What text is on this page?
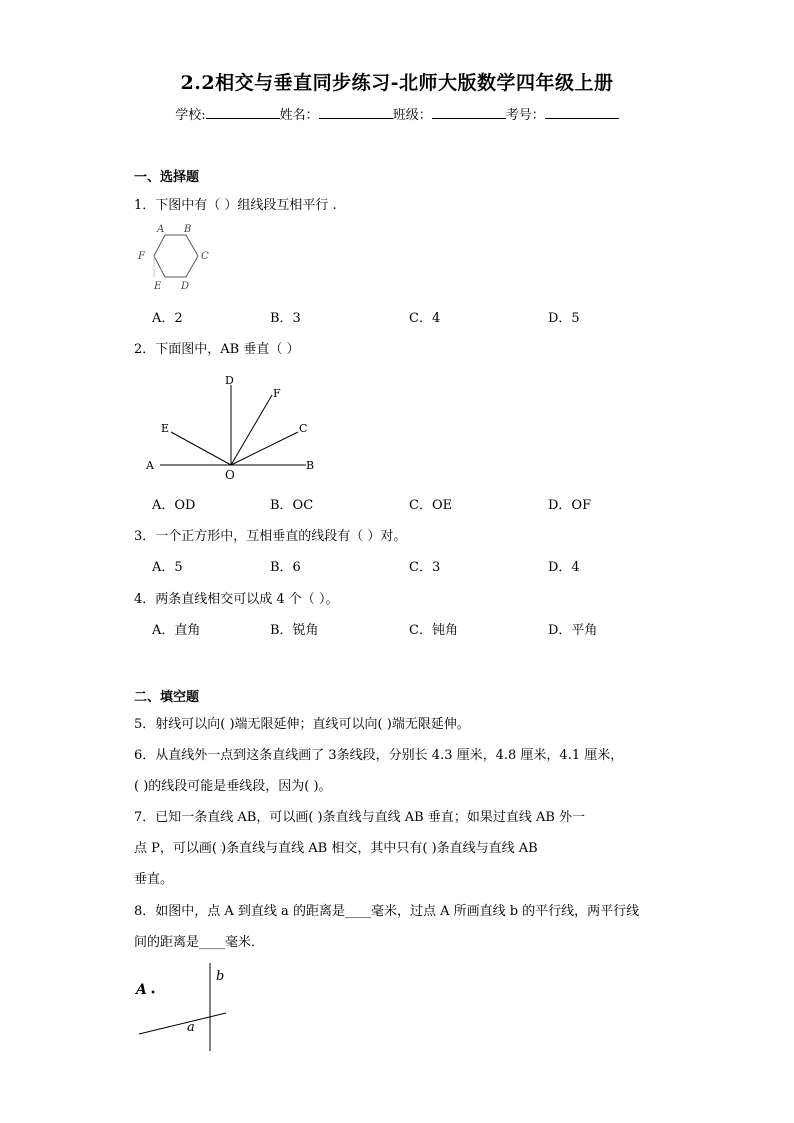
2.2相交与垂直同步练习-北师大版数学四年级上册
学校:	姓名：	班级：	考号：
一、选择题
1．下图中有（ ）组线段互相平行 .
A B
C
D
E
F
A．2	B．3	C．4	D．5
2．下面图中，AB 垂直（ ）
D
F
C
E
A	B
O
A．OD	B．OC	C．OE	D．OF
3．一个正方形中，互相垂直的线段有（ ）对。
A．5	B．6	C．3	D．4
4．两条直线相交可以成 4 个（ ）。
A．直角	B．锐角	C．钝角	D．平角
二、填空题
5．射线可以向( )端无限延伸；直线可以向( )端无限延伸。
6．从直线外一点到这条直线画了 3条线段，分别长 4.3 厘米，4.8 厘米，4.1 厘米，
( )的线段可能是垂线段，因为( )。
7．已知一条直线 AB，可以画( )条直线与直线 AB 垂直；如果过直线 AB 外一
点 P，可以画( )条直线与直线 AB 相交，其中只有( )条直线与直线 AB
垂直。
8．如图中，点 A 到直线 a 的距离是____毫米，过点 A 所画直线 b 的平行线，两平行线
间的距离是____毫米．
A
a
b
